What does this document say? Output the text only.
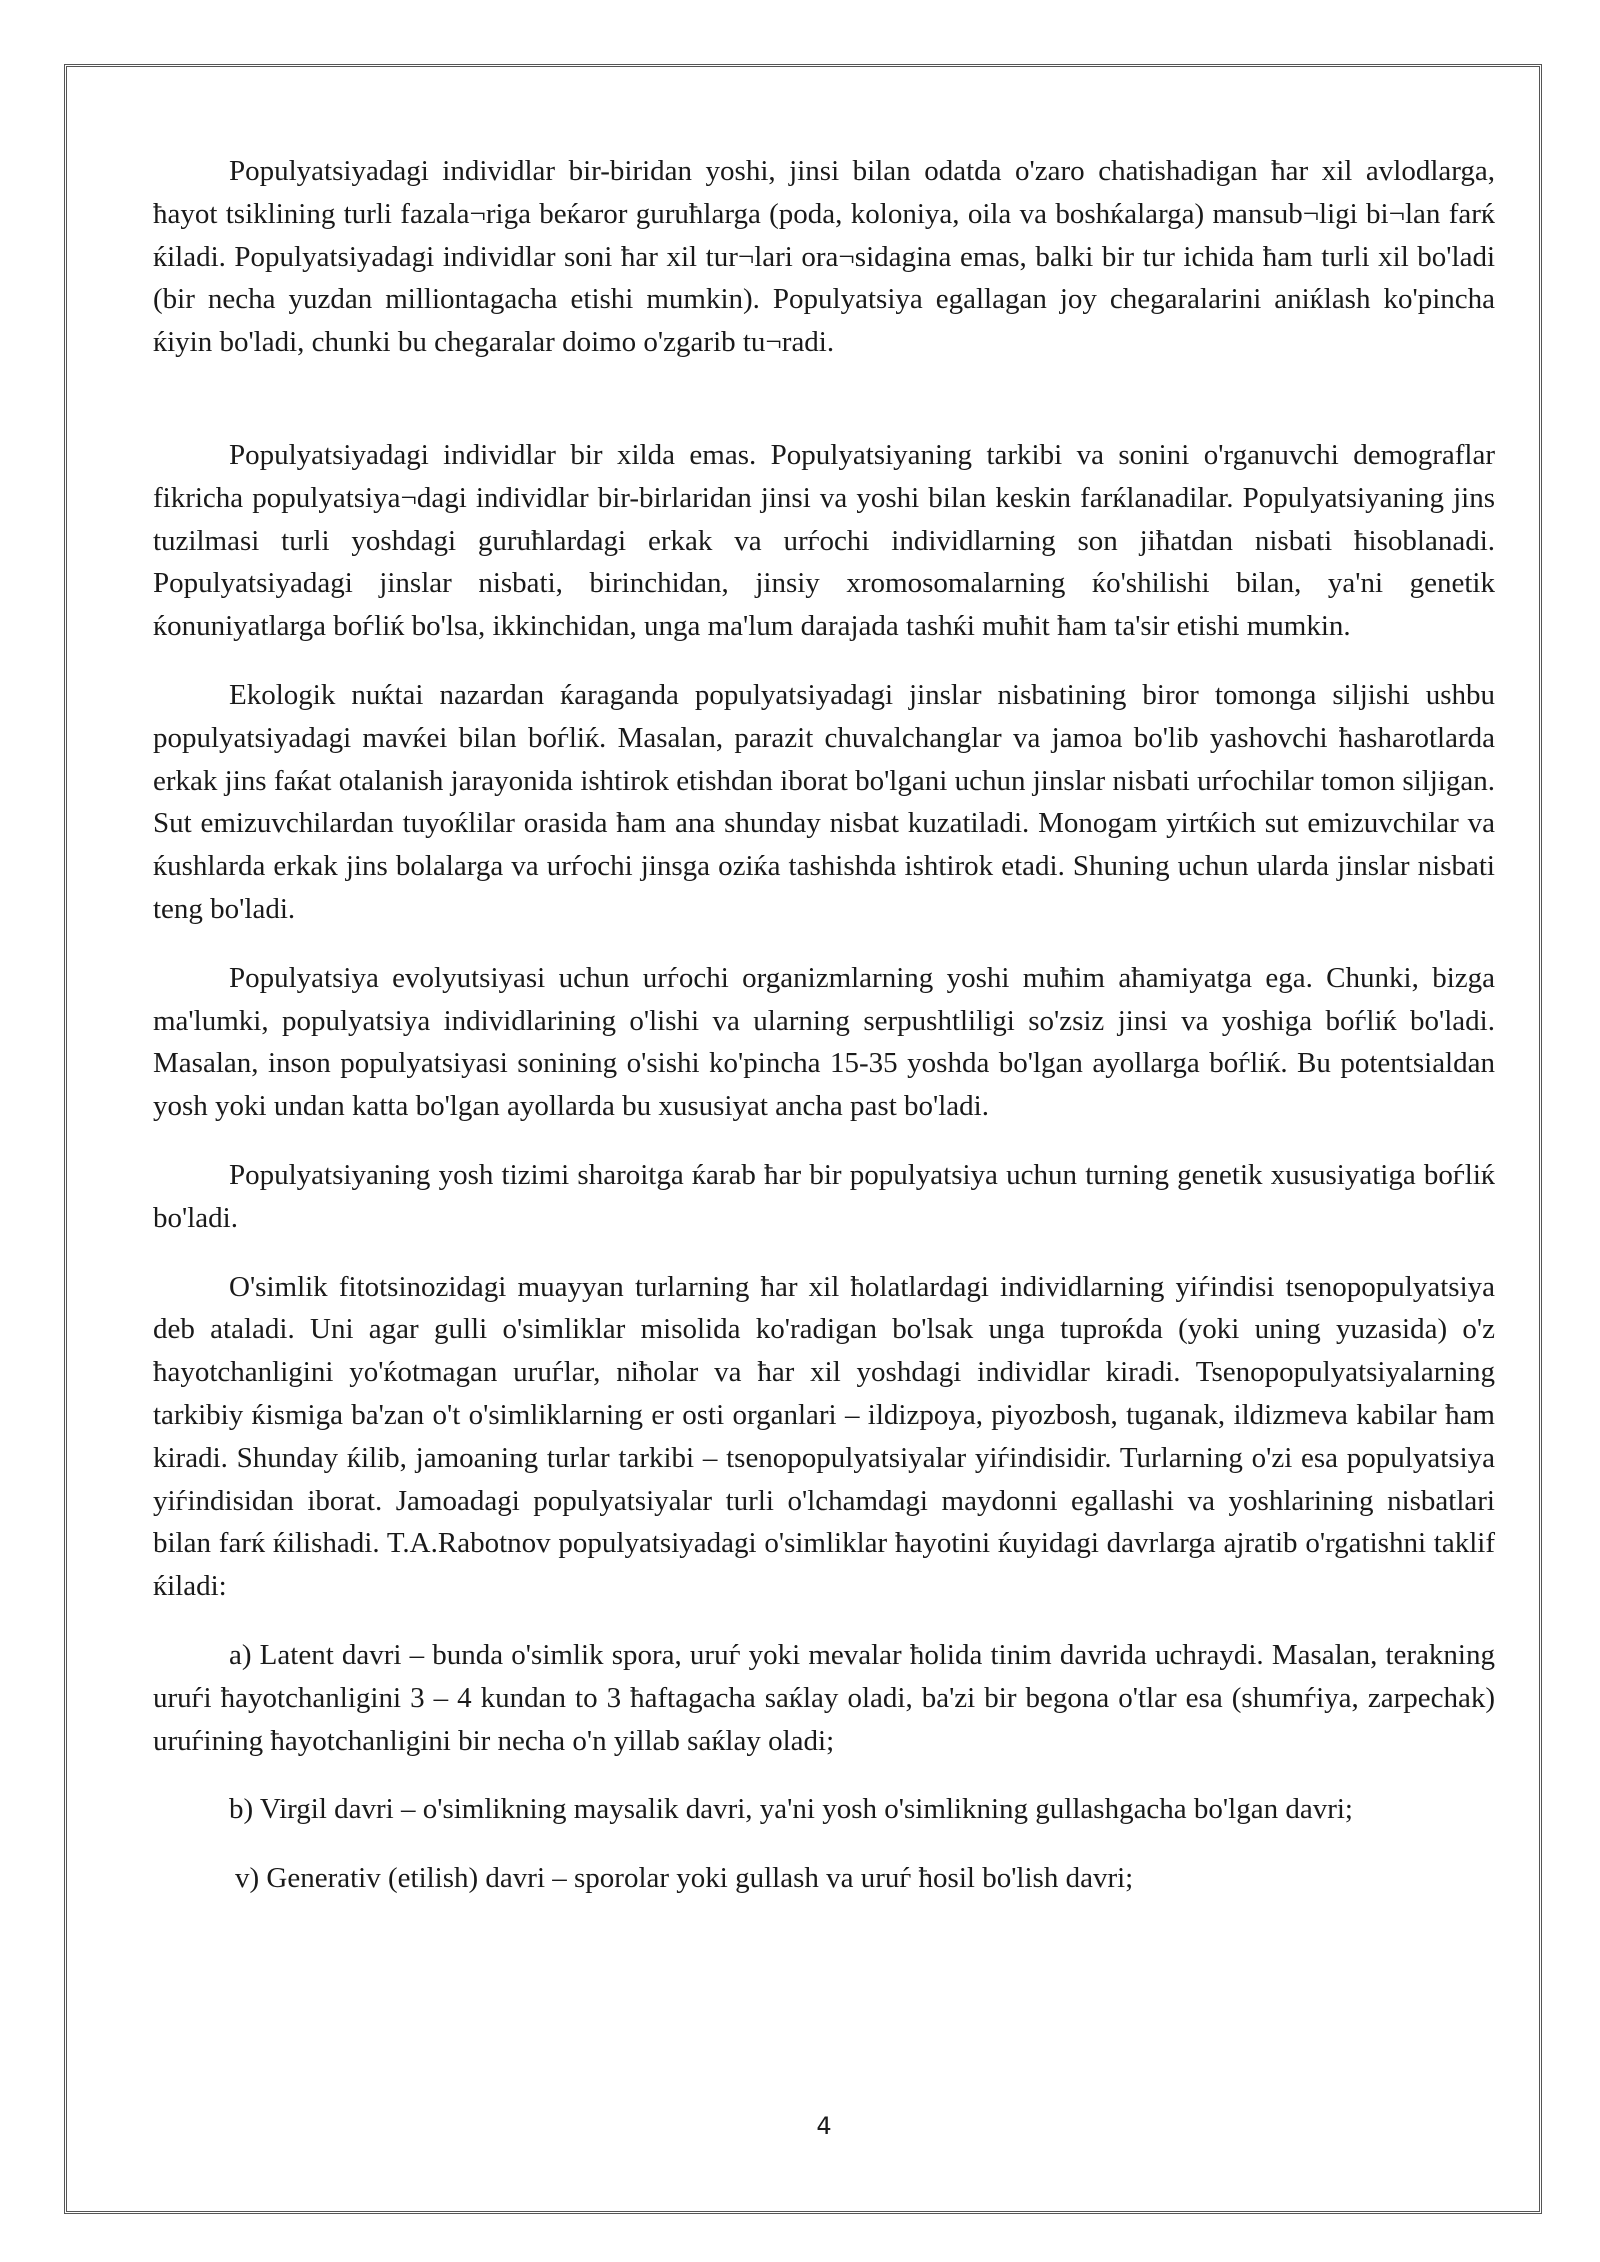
Populyatsiyadagi individlar bir-biridan yoshi, jinsi bilan odatda o'zaro chatishadigan ħar xil avlodlarga, ħayot tsiklining turli fazala¬riga beќaror guruħlarga (poda, koloniya, oila va boshќalarga) mansub¬ligi bi¬lan farќ ќiladi. Populyatsiyadagi individlar soni ħar xil tur¬lari ora¬sidagina emas, balki bir tur ichida ħam turli xil bo'ladi (bir necha yuzdan milliontagacha etishi mumkin). Populyatsiya egallagan joy chegaralarini aniќlash ko'pincha ќiyin bo'ladi, chunki bu chegaralar doimo o'zgarib tu¬radi.

Populyatsiyadagi individlar bir xilda emas. Populyatsiyaning tarkibi va sonini o'rganuvchi demograflar fikricha populyatsiya¬dagi individlar bir-birlaridan jinsi va yoshi bilan keskin farќlanadilar. Populyatsiyaning jins tuzilmasi turli yoshdagi guruħlardagi erkak va urѓochi individlarning son jiħatdan nisbati ħisoblanadi. Populyatsiyadagi jinslar nisbati, birinchidan, jinsiy xromosomalarning ќo'shilishi bilan, ya'ni genetik ќonuniyatlarga boѓliќ bo'lsa, ikkinchidan, unga ma'lum darajada tashќi muħit ħam ta'sir etishi mumkin.

Ekologik nuќtai nazardan ќaraganda populyatsiyadagi jinslar nisbatining biror tomonga siljishi ushbu populyatsiyadagi mavќei bilan boѓliќ. Masalan, parazit chuvalchanglar va jamoa bo'lib yashovchi ħasharotlarda erkak jins faќat otalanish jarayonida ishtirok etishdan iborat bo'lgani uchun jinslar nisbati urѓochilar tomon siljigan. Sut emizuvchilardan tuyoќlilar orasida ħam ana shunday nisbat kuzatiladi. Monogam yirtќich sut emizuvchilar va ќushlarda erkak jins bolalarga va urѓochi jinsga oziќa tashishda ishtirok etadi. Shuning uchun ularda jinslar nisbati teng bo'ladi.

Populyatsiya evolyutsiyasi uchun urѓochi organizmlarning yoshi muħim aħamiyatga ega. Chunki, bizga ma'lumki, populyatsiya individlarining o'lishi va ularning serpushtliligi so'zsiz jinsi va yoshiga boѓliќ bo'ladi. Masalan, inson populyatsiyasi sonining o'sishi ko'pincha 15-35 yoshda bo'lgan ayollarga boѓliќ. Bu potentsialdan yosh yoki undan katta bo'lgan ayollarda bu xususiyat ancha past bo'ladi.

Populyatsiyaning yosh tizimi sharoitga ќarab ħar bir populyatsiya uchun turning genetik xususiyatiga boѓliќ bo'ladi.

O'simlik fitotsinozidagi muayyan turlarning ħar xil ħolatlardagi individlarning yiѓindisi tsenopopulyatsiya deb ataladi. Uni agar gulli o'simliklar misolida ko'radigan bo'lsak unga tuproќda (yoki uning yuzasida) o'z ħayotchanligini yo'ќotmagan uruѓlar, niħolar va ħar xil yoshdagi individlar kiradi. Tsenopopulyatsiyalarning tarkibiy ќismiga ba'zan o't o'simliklarning er osti organlari – ildizpoya, piyozbosh, tuganak, ildizmeva kabilar ħam kiradi. Shunday ќilib, jamoaning turlar tarkibi – tsenopopulyatsiyalar yiѓindisidir. Turlarning o'zi esa populyatsiya yiѓindisidan iborat. Jamoadagi populyatsiyalar turli o'lchamdagi maydonni egallashi va yoshlarining nisbatlari bilan farќ ќilishadi. T.A.Rabotnov populyatsiyadagi o'simliklar ħayotini ќuyidagi davrlarga ajratib o'rgatishni taklif ќiladi:

a) Latent davri – bunda o'simlik spora, uruѓ yoki mevalar ħolida tinim davrida uchraydi. Masalan, terakning uruѓi ħayotchanligini 3 – 4 kundan to 3 ħaftagacha saќlay oladi, ba'zi bir begona o'tlar esa (shumѓiya, zarpechak) uruѓining ħayotchanligini bir necha o'n yillab saќlay oladi;

b) Virgil davri – o'simlikning maysalik davri, ya'ni yosh o'simlikning gullashgacha bo'lgan davri;

v) Generativ (etilish) davri – sporolar yoki gullash va uruѓ ħosil bo'lish davri;

4
